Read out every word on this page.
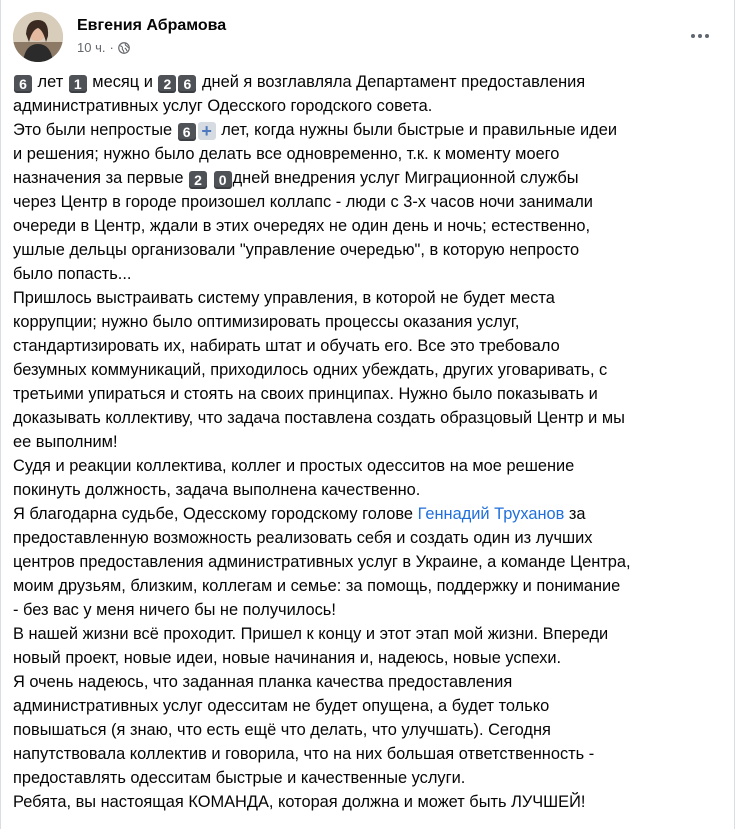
Евгения Абрамова
10 ч. ·
6 лет 1 месяц и 2 6 дней я возглавляла Департамент предоставления
административных услуг Одесского городского совета.
Это были непростые 6 + лет, когда нужны были быстрые и правильные идеи
и решения; нужно было делать все одновременно, т.к. к моменту моего
назначения за первые 2 0 дней внедрения услуг Миграционной службы
через Центр в городе произошел коллапс - люди с 3-х часов ночи занимали
очереди в Центр, ждали в этих очередях не один день и ночь; естественно,
ушлые дельцы организовали "управление очередью", в которую непросто
было попасть...
Пришлось выстраивать систему управления, в которой не будет места
коррупции; нужно было оптимизировать процессы оказания услуг,
стандартизировать их, набирать штат и обучать его. Все это требовало
безумных коммуникаций, приходилось одних убеждать, других уговаривать, с
третьими упираться и стоять на своих принципах. Нужно было показывать и
доказывать коллективу, что задача поставлена создать образцовый Центр и мы
ее выполним!
Судя и реакции коллектива, коллег и простых одесситов на мое решение
покинуть должность, задача выполнена качественно.
Я благодарна судьбе, Одесскому городскому голове Геннадий Труханов за
предоставленную возможность реализовать себя и создать один из лучших
центров предоставления административных услуг в Украине, а команде Центра,
моим друзьям, близким, коллегам и семье: за помощь, поддержку и понимание
- без вас у меня ничего бы не получилось!
В нашей жизни всё проходит. Пришел к концу и этот этап мой жизни. Впереди
новый проект, новые идеи, новые начинания и, надеюсь, новые успехи.
Я очень надеюсь, что заданная планка качества предоставления
административных услуг одесситам не будет опущена, а будет только
повышаться (я знаю, что есть ещё что делать, что улучшать). Сегодня
напутствовала коллектив и говорила, что на них большая ответственность -
предоставлять одесситам быстрые и качественные услуги.
Ребята, вы настоящая КОМАНДА, которая должна и может быть ЛУЧШЕЙ!
